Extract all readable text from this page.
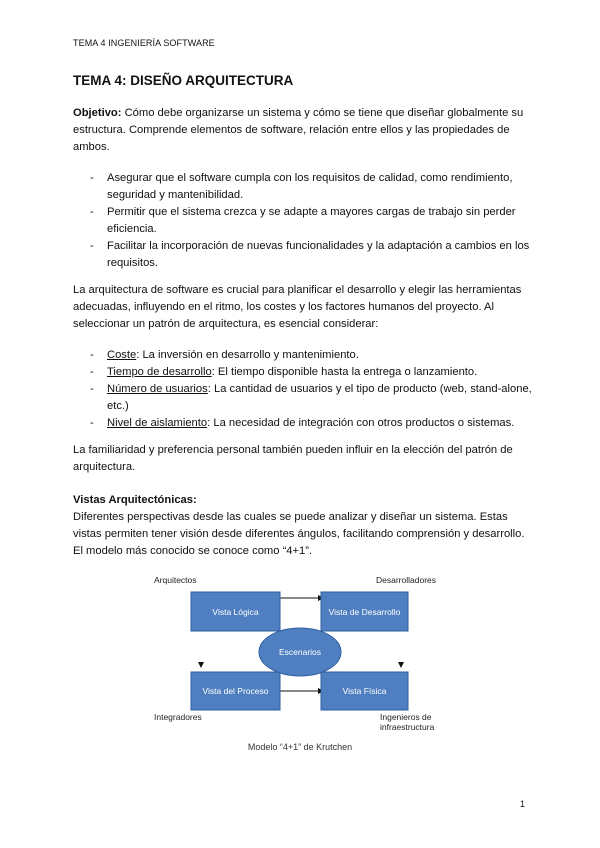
TEMA 4 INGENIERÍA SOFTWARE
TEMA 4: DISEÑO ARQUITECTURA

Objetivo: Cómo debe organizarse un sistema y cómo se tiene que diseñar globalmente su estructura. Comprende elementos de software, relación entre ellos y las propiedades de ambos.

- Asegurar que el software cumpla con los requisitos de calidad, como rendimiento, seguridad y mantenibilidad.
- Permitir que el sistema crezca y se adapte a mayores cargas de trabajo sin perder eficiencia.
- Facilitar la incorporación de nuevas funcionalidades y la adaptación a cambios en los requisitos.

La arquitectura de software es crucial para planificar el desarrollo y elegir las herramientas adecuadas, influyendo en el ritmo, los costes y los factores humanos del proyecto. Al seleccionar un patrón de arquitectura, es esencial considerar:

- Coste: La inversión en desarrollo y mantenimiento.
- Tiempo de desarrollo: El tiempo disponible hasta la entrega o lanzamiento.
- Número de usuarios: La cantidad de usuarios y el tipo de producto (web, stand-alone, etc.)
- Nivel de aislamiento: La necesidad de integración con otros productos o sistemas.

La familiaridad y preferencia personal también pueden influir en la elección del patrón de arquitectura.

Vistas Arquitectónicas:
Diferentes perspectivas desde las cuales se puede analizar y diseñar un sistema. Estas vistas permiten tener visión desde diferentes ángulos, facilitando comprensión y desarrollo. El modelo más conocido se conoce como “4+1”.

Arquitectos	Desarrolladores
Vista Lógica	Vista de Desarrollo
Vista del Proceso	Vista Física
Escenarios
Integradores	Ingenieros de
infraestructura
Modelo “4+1” de Krutchen
1
